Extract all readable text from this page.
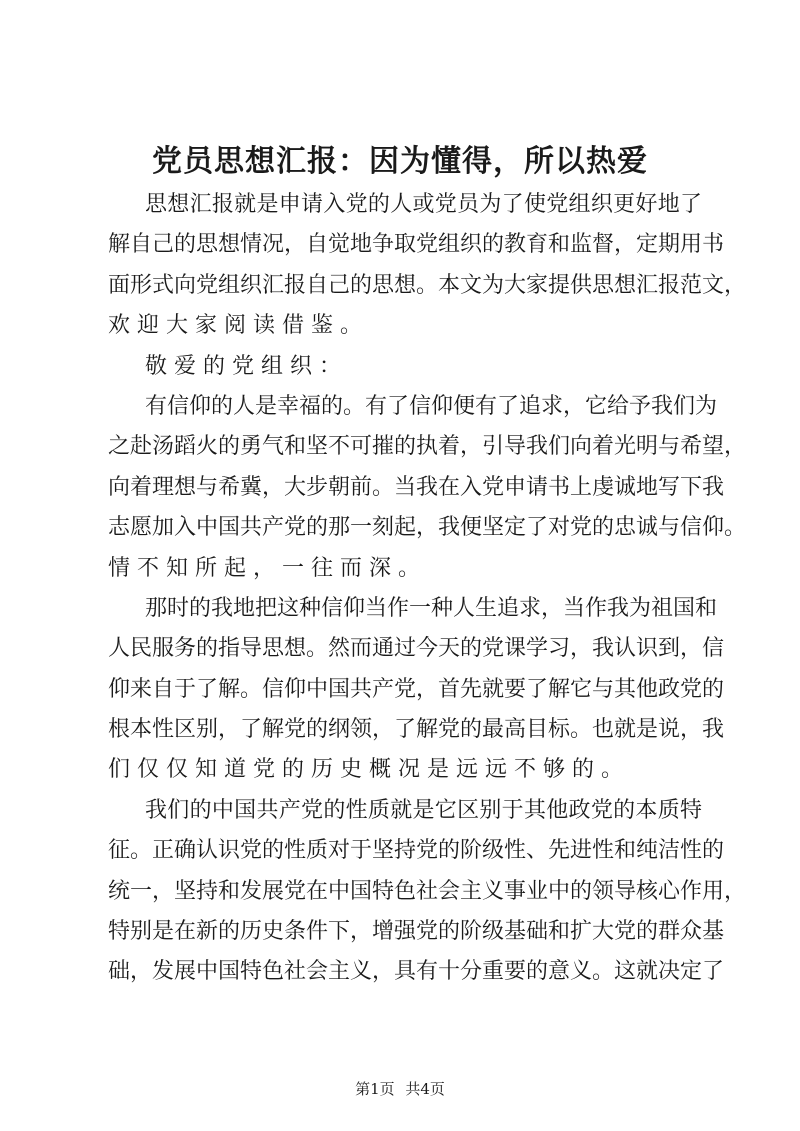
党员思想汇报：因为懂得，所以热爱
思想汇报就是申请入党的人或党员为了使党组织更好地了
解自己的思想情况，自觉地争取党组织的教育和监督，定期用书
面形式向党组织汇报自己的思想。本文为大家提供思想汇报范文，
欢迎大家阅读借鉴。
敬爱的党组织：
有信仰的人是幸福的。有了信仰便有了追求，它给予我们为
之赴汤蹈火的勇气和坚不可摧的执着，引导我们向着光明与希望，
向着理想与希冀，大步朝前。当我在入党申请书上虔诚地写下我
志愿加入中国共产党的那一刻起，我便坚定了对党的忠诚与信仰。
情不知所起，一往而深。
那时的我地把这种信仰当作一种人生追求，当作我为祖国和
人民服务的指导思想。然而通过今天的党课学习，我认识到，信
仰来自于了解。信仰中国共产党，首先就要了解它与其他政党的
根本性区别，了解党的纲领，了解党的最高目标。也就是说，我
们仅仅知道党的历史概况是远远不够的。
我们的中国共产党的性质就是它区别于其他政党的本质特
征。正确认识党的性质对于坚持党的阶级性、先进性和纯洁性的
统一，坚持和发展党在中国特色社会主义事业中的领导核心作用，
特别是在新的历史条件下，增强党的阶级基础和扩大党的群众基
础，发展中国特色社会主义，具有十分重要的意义。这就决定了
第1页 共4页
